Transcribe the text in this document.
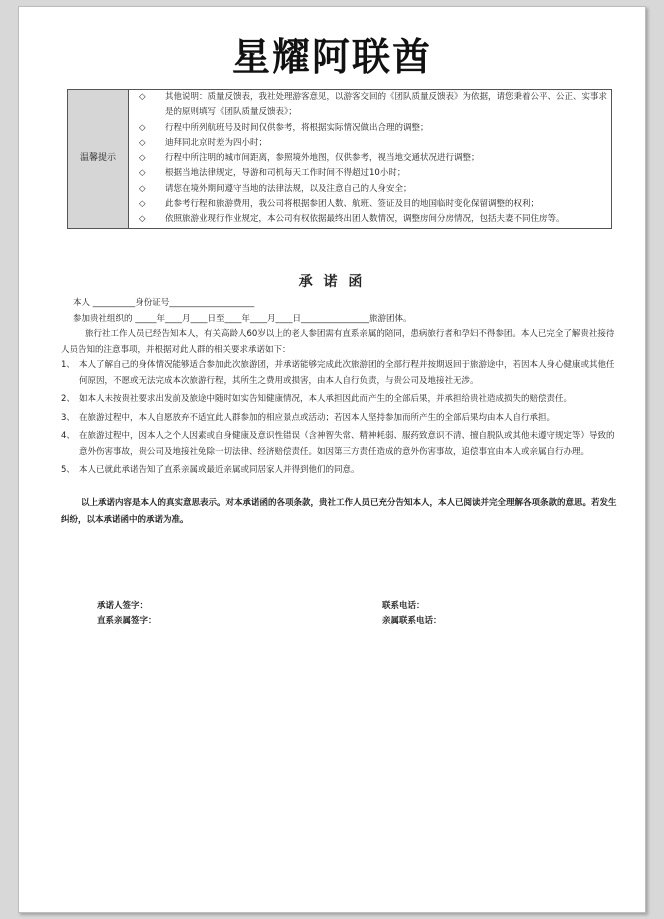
星耀阿联酋
温馨提示	
◇	其他说明：质量反馈表，我社处理游客意见，以游客交回的《团队质量反馈表》为依据，请您秉着公平、公正、实事求是的原则填写《团队质量反馈表》；
◇	行程中所列航班号及时间仅供参考，将根据实际情况做出合理的调整；
◇	迪拜同北京时差为四小时；
◇	行程中所注明的城市间距离，参照境外地图，仅供参考，视当地交通状况进行调整；
◇	根据当地法律规定，导游和司机每天工作时间不得超过10小时；
◇	请您在境外期间遵守当地的法律法规，以及注意自己的人身安全；
◇	此参考行程和旅游费用，我公司将根据参团人数、航班、签证及目的地国临时变化保留调整的权利；
◇	依照旅游业现行作业规定，本公司有权依据最终出团人数情况，调整房间分房情况，包括夫妻不同住房等。
承 诺 函

本人 __________身份证号____________________

参加贵社组织的 _____年____月____日至____年____月____日________________旅游团体。

旅行社工作人员已经告知本人，有关高龄人60岁以上的老人参团需有直系亲属的陪同，患病旅行者和孕妇不得参团。本人已完全了解贵社接待人员告知的注意事项，并根据对此人群的相关要求承诺如下：

1、 本人了解自己的身体情况能够适合参加此次旅游团，并承诺能够完成此次旅游团的全部行程并按期返回于旅游途中，若因本人身心健康或其他任何原因，不愿或无法完成本次旅游行程，其所生之费用或损害，由本人自行负责，与贵公司及地接社无涉。
2、 如本人未按贵社要求出发前及旅途中随时如实告知健康情况，本人承担因此而产生的全部后果，并承担给贵社造成损失的赔偿责任。
3、 在旅游过程中，本人自愿放弃不适宜此人群参加的相应景点或活动；若因本人坚持参加而所产生的全部后果均由本人自行承担。
4、 在旅游过程中，因本人之个人因素或自身健康及意识性错误（含神智失常、精神耗弱、服药致意识不清、擅自脱队或其他未遵守规定等）导致的意外伤害事故，贵公司及地接社免除一切法律、经济赔偿责任。如因第三方责任造成的意外伤害事故，追偿事宜由本人或亲属自行办理。
5、 本人已就此承诺告知了直系亲属或最近亲属或同居家人并得到他们的同意。

以上承诺内容是本人的真实意思表示。对本承诺函的各项条款，贵社工作人员已充分告知本人，本人已阅读并完全理解各项条款的意思。若发生纠纷，以本承诺函中的承诺为准。

承诺人签字：	联系电话：
直系亲属签字：	亲属联系电话：
